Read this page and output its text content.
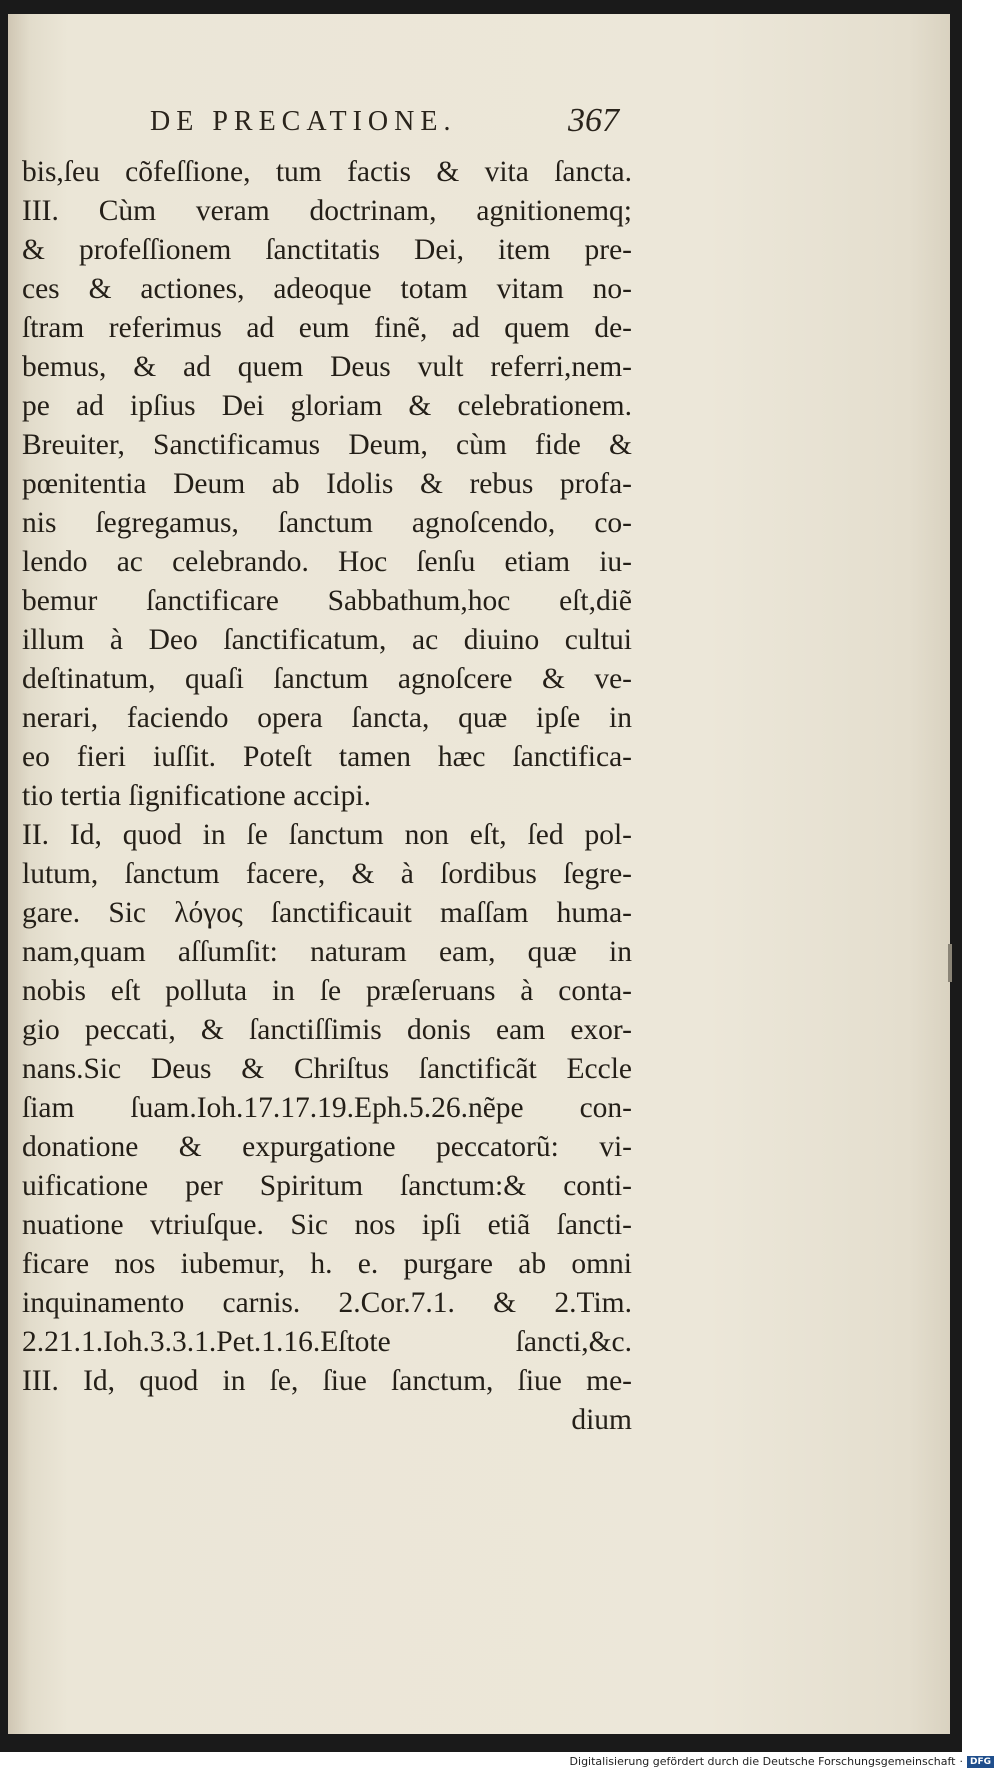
DE PRECATIONE.	367
bis,ſeu cõfeſſione, tum factis & vita ſancta.
III. Cùm veram doctrinam, agnitionemq;
& profeſſionem ſanctitatis Dei, item pre-
ces & actiones, adeoque totam vitam no-
ſtram referimus ad eum finẽ, ad quem de-
bemus, & ad quem Deus vult referri,nem-
pe ad ipſius Dei gloriam & celebrationem.
Breuiter, Sanctificamus Deum, cùm fide &
pœnitentia Deum ab Idolis & rebus profa-
nis ſegregamus, ſanctum agnoſcendo, co-
lendo ac celebrando. Hoc ſenſu etiam iu-
bemur ſanctificare Sabbathum,hoc eſt,diẽ
illum à Deo ſanctificatum, ac diuino cultui
deſtinatum, quaſi ſanctum agnoſcere & ve-
nerari, faciendo opera ſancta, quæ ipſe in
eo fieri iuſſit. Poteſt tamen hæc ſanctifica-
tio tertia ſignificatione accipi.
II. Id, quod in ſe ſanctum non eſt, ſed pol-
lutum, ſanctum facere, & à ſordibus ſegre-
gare. Sic λόγος ſanctificauit maſſam huma-
nam,quam aſſumſit: naturam eam, quæ in
nobis eſt polluta in ſe præſeruans à conta-
gio peccati, & ſanctiſſimis donis eam exor-
nans.Sic Deus & Chriſtus ſanctificãt Eccle
ſiam ſuam.Ioh.17.17.19.Eph.5.26.nẽpe con-
donatione & expurgatione peccatorũ: vi-
uificatione per Spiritum ſanctum:& conti-
nuatione vtriuſque. Sic nos ipſi etiã ſancti-
ficare nos iubemur, h. e. purgare ab omni
inquinamento carnis. 2.Cor.7.1. & 2.Tim.
2.21.1.Ioh.3.3.1.Pet.1.16.Eſtote ſancti,&c.
III. Id, quod in ſe, ſiue ſanctum, ſiue me-
dium
Digitalisierung gefördert durch die Deutsche Forschungsgemeinschaft · DFG
